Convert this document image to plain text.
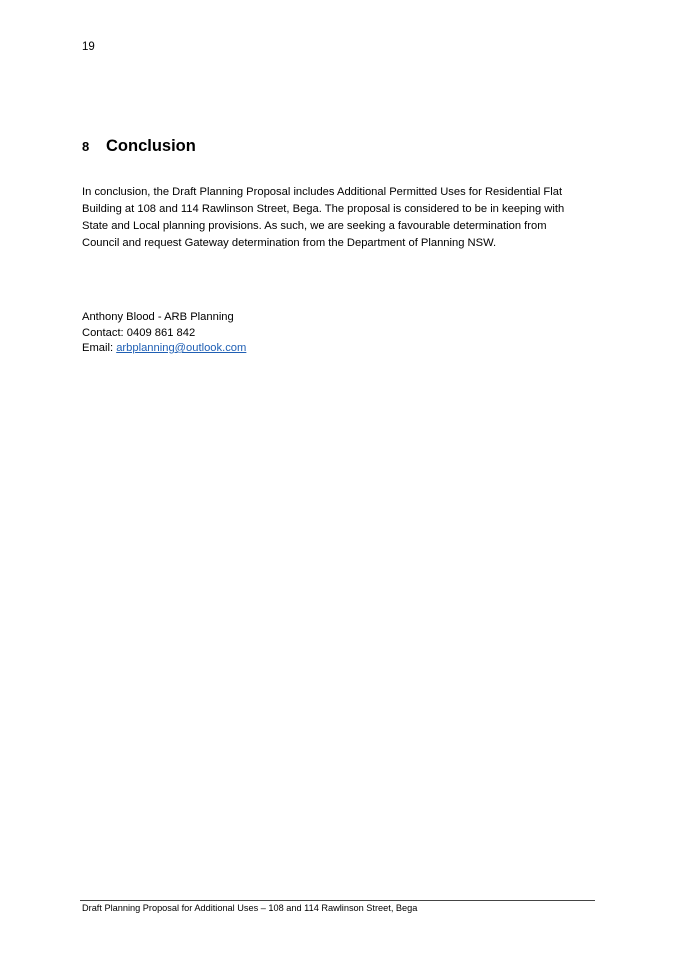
19
8	Conclusion

In conclusion, the Draft Planning Proposal includes Additional Permitted Uses for Residential Flat
Building at 108 and 114 Rawlinson Street, Bega. The proposal is considered to be in keeping with
State and Local planning provisions. As such, we are seeking a favourable determination from
Council and request Gateway determination from the Department of Planning NSW.

Anthony Blood - ARB Planning
Contact: 0409 861 842
Email: arbplanning@outlook.com
Draft Planning Proposal for Additional Uses – 108 and 114 Rawlinson Street, Bega
